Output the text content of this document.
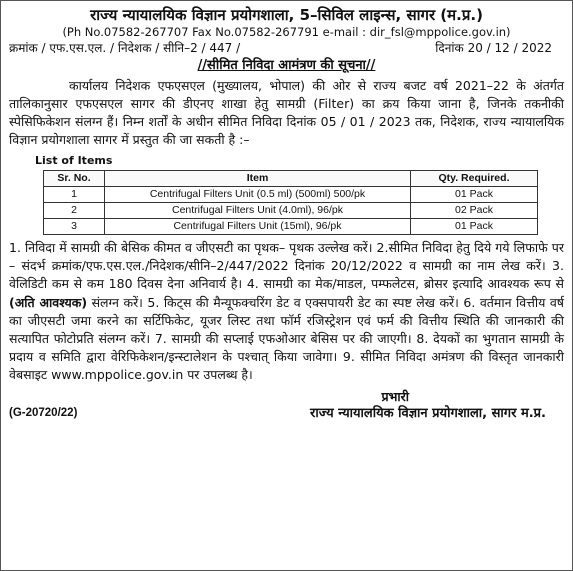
राज्य न्यायालयिक विज्ञान प्रयोगशाला, 5–सिविल लाइन्स, सागर (म.प्र.)
(Ph No.07582-267707 Fax No.07582-267791 e-mail : dir_fsl@mppolice.gov.in)
क्रमांक / एफ.एस.एल. / निदेशक / सीनि–2 / 447 /	दिनांक 20 / 12 / 2022
//सीमित निविदा आमंत्रण की सूचना//
कार्यालय निदेशक एफएसएल (मुख्यालय, भोपाल) की ओर से राज्य बजट वर्ष 2021–22 के अंतर्गत तालिकानुसार एफएसएल सागर की डीएनए शाखा हेतु सामग्री (Filter) का क्रय किया जाना है, जिनके तकनीकी स्पेसिफिकेशन संलग्न हैं। निम्न शर्तों के अधीन सीमित निविदा दिनांक 05 / 01 / 2023 तक, निदेशक, राज्य न्यायालयिक विज्ञान प्रयोगशाला सागर में प्रस्तुत की जा सकती है :–
List of Items
Sr. No.	Item	Qty. Required.
1	Centrifugal Filters Unit (0.5 ml) (500ml) 500/pk	01 Pack
2	Centrifugal Filters Unit (4.0ml), 96/pk	02 Pack
3	Centrifugal Filters Unit (15ml), 96/pk	01 Pack
1. निविदा में सामग्री की बेसिक कीमत व जीएसटी का पृथक– पृथक उल्लेख करें। 2.सीमित निविदा हेतु दिये गये लिफाफे पर – संदर्भ क्रमांक/एफ.एस.एल./निदेशक/सीनि–2/447/2022 दिनांक 20/12/2022 व सामग्री का नाम लेख करें। 3. वेलिडिटी कम से कम 180 दिवस देना अनिवार्य है। 4. सामग्री का मेक/माडल, पम्फलेटस, ब्रोसर इत्यादि आवश्यक रूप से (अति आवश्यक) संलग्न करें। 5. किट्स की मैन्यूफक्चरिंग डेट व एक्सपायरी डेट का स्पष्ट लेख करें। 6. वर्तमान वित्तीय वर्ष का जीएसटी जमा करने का सर्टिफिकेट, यूजर लिस्ट तथा फॉर्म रजिस्ट्रेशन एवं फर्म की वित्तीय स्थिति की जानकारी की सत्यापित फोटोप्रति संलग्न करें। 7. सामग्री की सप्लाई एफओआर बेसिस पर की जाएगी। 8. देयकों का भुगतान सामग्री के प्रदाय व समिति द्वारा वेरिफिकेशन/इन्स्टालेशन के पश्चात् किया जावेगा। 9. सीमित निविदा अमंत्रण की विस्तृत जानकारी वेबसाइट www.mppolice.gov.in पर उपलब्ध है।
प्रभारी
(G-20720/22)	राज्य न्यायालयिक विज्ञान प्रयोगशाला, सागर म.प्र.
